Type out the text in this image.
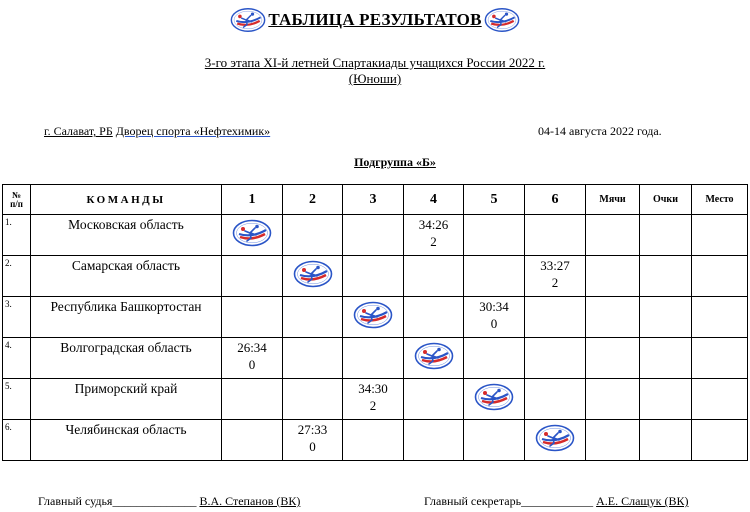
ТАБЛИЦА РЕЗУЛЬТАТОВ
3-го этапа XI-й летней Спартакиады учащихся России 2022 г.
(Юноши)
г. Салават, РБ Дворец спорта «Нефтехимик»	04-14 августа 2022 года.
Подгруппа «Б»
№
п/п	КОМАНДЫ	1	2	3	4	5	6	Мячи	Очки	Место
1.	Московская область				34:26
2					

2.	Самарская область						33:27
2			

3.	Республика Башкортостан					30:34
0				

4.	Волгоградская область	26:34
0

5.	Приморский край			34:30
2

6.	Челябинская область		27:33
0

Главный судья______________ В.А. Степанов (ВК)	Главный секретарь____________ А.Е. Слащук (ВК)
